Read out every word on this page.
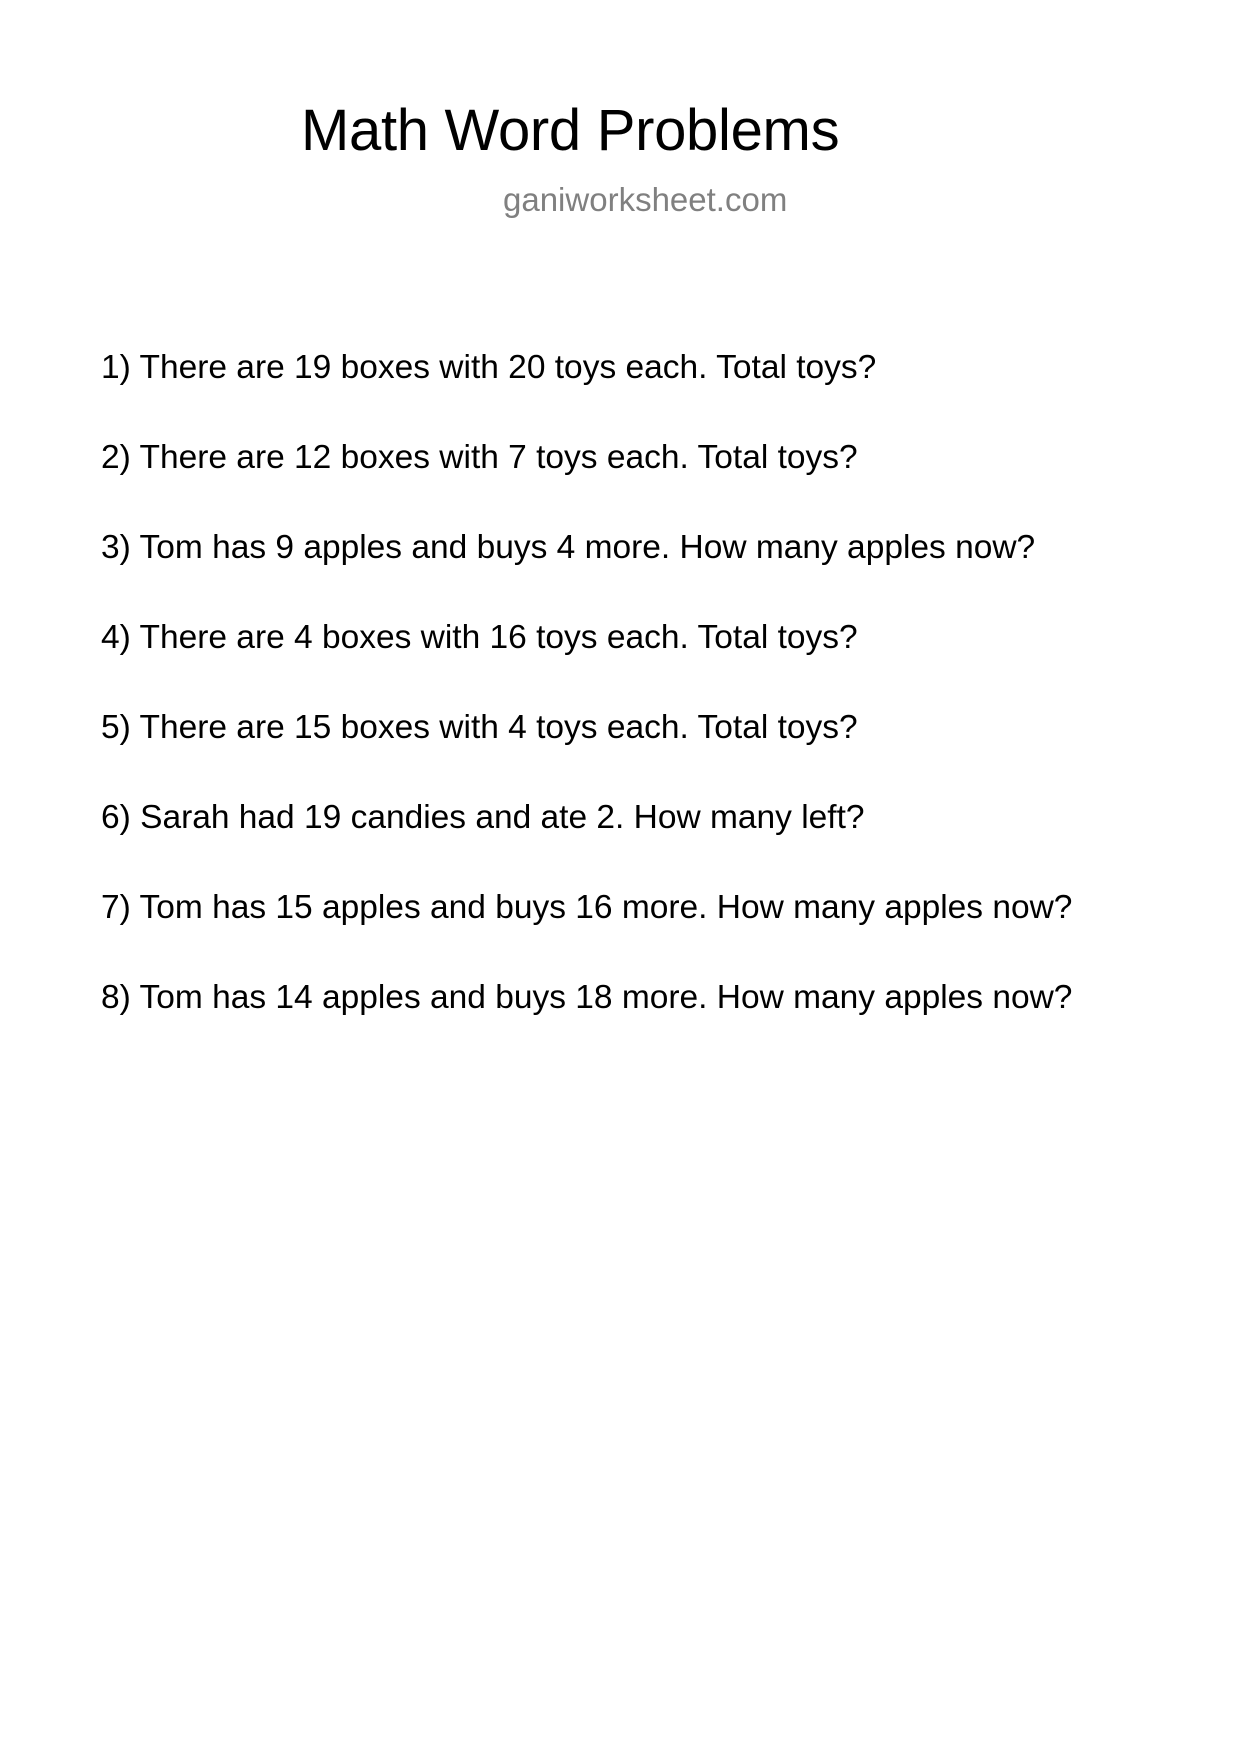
Math Word Problems
ganiworksheet.com
1) There are 19 boxes with 20 toys each. Total toys?
2) There are 12 boxes with 7 toys each. Total toys?
3) Tom has 9 apples and buys 4 more. How many apples now?
4) There are 4 boxes with 16 toys each. Total toys?
5) There are 15 boxes with 4 toys each. Total toys?
6) Sarah had 19 candies and ate 2. How many left?
7) Tom has 15 apples and buys 16 more. How many apples now?
8) Tom has 14 apples and buys 18 more. How many apples now?
